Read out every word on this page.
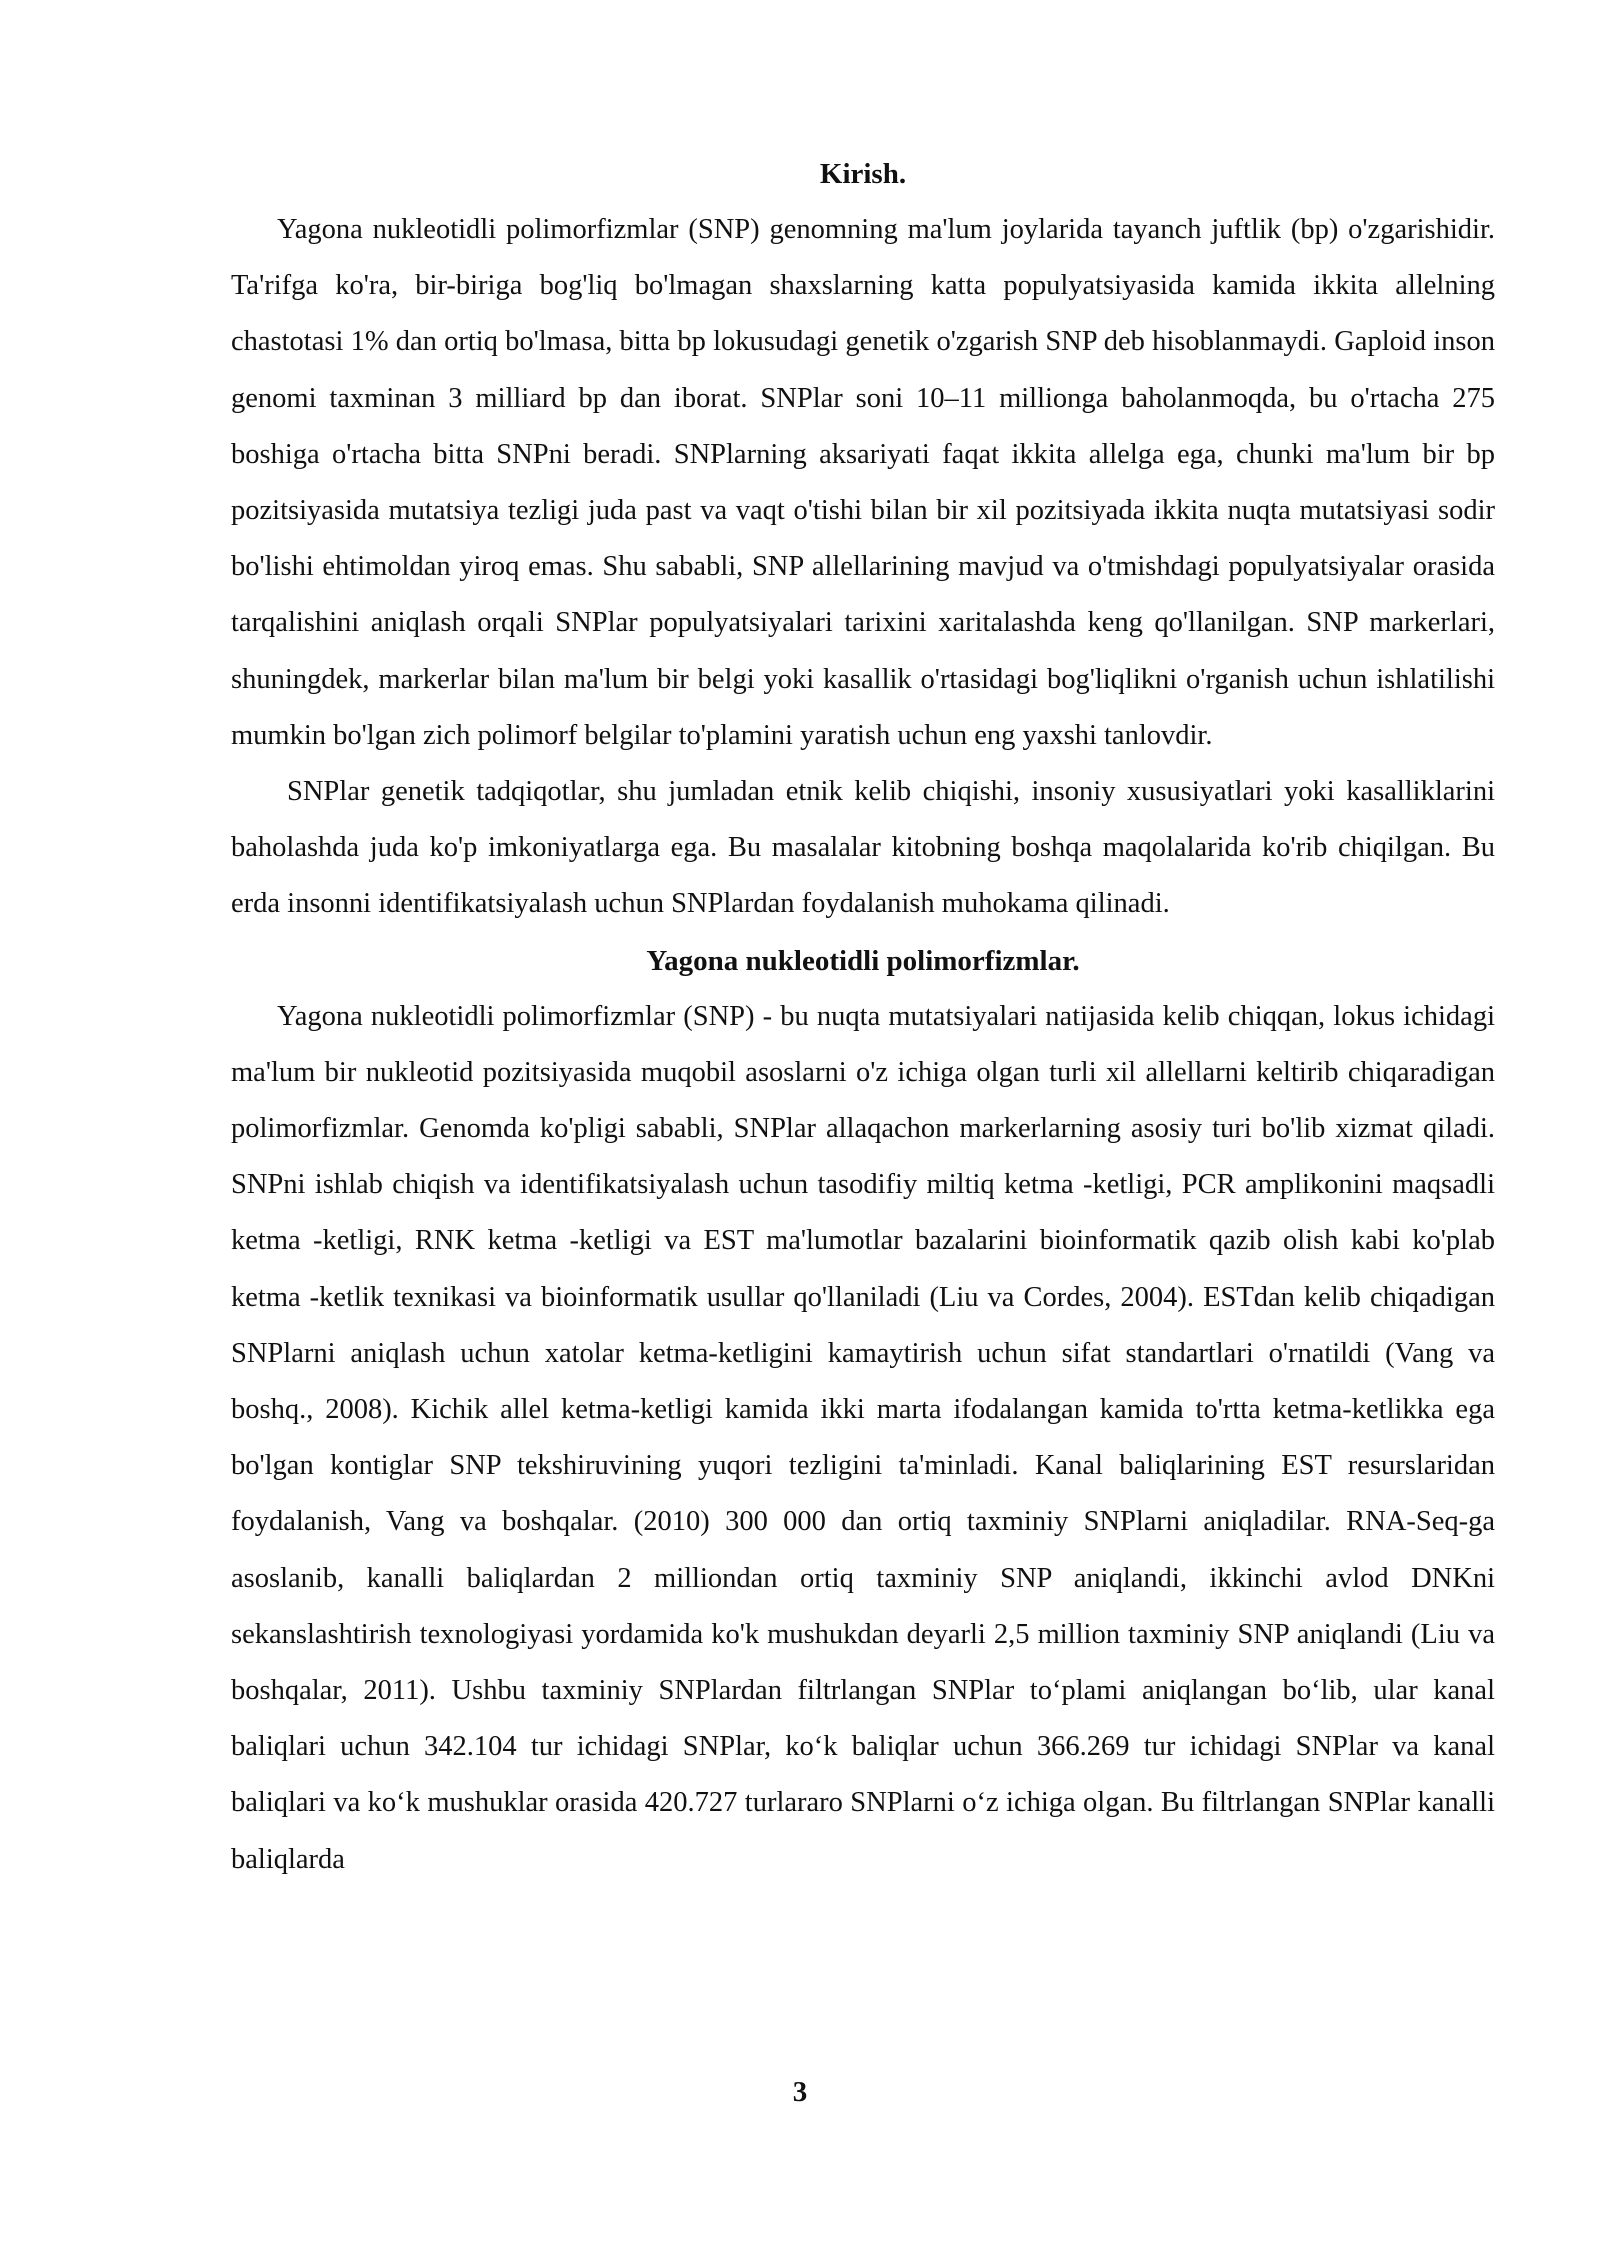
Kirish.

Yagona nukleotidli polimorfizmlar (SNP) genomning ma'lum joylarida tayanch juftlik (bp) o'zgarishidir. Ta'rifga ko'ra, bir-biriga bog'liq bo'lmagan shaxslarning katta populyatsiyasida kamida ikkita allelning chastotasi 1% dan ortiq bo'lmasa, bitta bp lokusudagi genetik o'zgarish SNP deb hisoblanmaydi. Gaploid inson genomi taxminan 3 milliard bp dan iborat. SNPlar soni 10–11 millionga baholanmoqda, bu o'rtacha 275 boshiga o'rtacha bitta SNPni beradi. SNPlarning aksariyati faqat ikkita allelga ega, chunki ma'lum bir bp pozitsiyasida mutatsiya tezligi juda past va vaqt o'tishi bilan bir xil pozitsiyada ikkita nuqta mutatsiyasi sodir bo'lishi ehtimoldan yiroq emas. Shu sababli, SNP allellarining mavjud va o'tmishdagi populyatsiyalar orasida tarqalishini aniqlash orqali SNPlar populyatsiyalari tarixini xaritalashda keng qo'llanilgan. SNP markerlari, shuningdek, markerlar bilan ma'lum bir belgi yoki kasallik o'rtasidagi bog'liqlikni o'rganish uchun ishlatilishi mumkin bo'lgan zich polimorf belgilar to'plamini yaratish uchun eng yaxshi tanlovdir.

SNPlar genetik tadqiqotlar, shu jumladan etnik kelib chiqishi, insoniy xususiyatlari yoki kasalliklarini baholashda juda ko'p imkoniyatlarga ega. Bu masalalar kitobning boshqa maqolalarida ko'rib chiqilgan. Bu erda insonni identifikatsiyalash uchun SNPlardan foydalanish muhokama qilinadi.

Yagona nukleotidli polimorfizmlar.

Yagona nukleotidli polimorfizmlar (SNP) - bu nuqta mutatsiyalari natijasida kelib chiqqan, lokus ichidagi ma'lum bir nukleotid pozitsiyasida muqobil asoslarni o'z ichiga olgan turli xil allellarni keltirib chiqaradigan polimorfizmlar. Genomda ko'pligi sababli, SNPlar allaqachon markerlarning asosiy turi bo'lib xizmat qiladi. SNPni ishlab chiqish va identifikatsiyalash uchun tasodifiy miltiq ketma -ketligi, PCR amplikonini maqsadli ketma -ketligi, RNK ketma -ketligi va EST ma'lumotlar bazalarini bioinformatik qazib olish kabi ko'plab ketma -ketlik texnikasi va bioinformatik usullar qo'llaniladi (Liu va Cordes, 2004). ESTdan kelib chiqadigan SNPlarni aniqlash uchun xatolar ketma-ketligini kamaytirish uchun sifat standartlari o'rnatildi (Vang va boshq., 2008). Kichik allel ketma-ketligi kamida ikki marta ifodalangan kamida to'rtta ketma-ketlikka ega bo'lgan kontiglar SNP tekshiruvining yuqori tezligini ta'minladi. Kanal baliqlarining EST resurslaridan foydalanish, Vang va boshqalar. (2010) 300 000 dan ortiq taxminiy SNPlarni aniqladilar. RNA-Seq-ga asoslanib, kanalli baliqlardan 2 milliondan ortiq taxminiy SNP aniqlandi, ikkinchi avlod DNKni sekanslashtirish texnologiyasi yordamida ko'k mushukdan deyarli 2,5 million taxminiy SNP aniqlandi (Liu va boshqalar, 2011). Ushbu taxminiy SNPlardan filtrlangan SNPlar to‘plami aniqlangan bo‘lib, ular kanal baliqlari uchun 342.104 tur ichidagi SNPlar, ko‘k baliqlar uchun 366.269 tur ichidagi SNPlar va kanal baliqlari va ko‘k mushuklar orasida 420.727 turlararo SNPlarni o‘z ichiga olgan. Bu filtrlangan SNPlar kanalli baliqlarda

3
